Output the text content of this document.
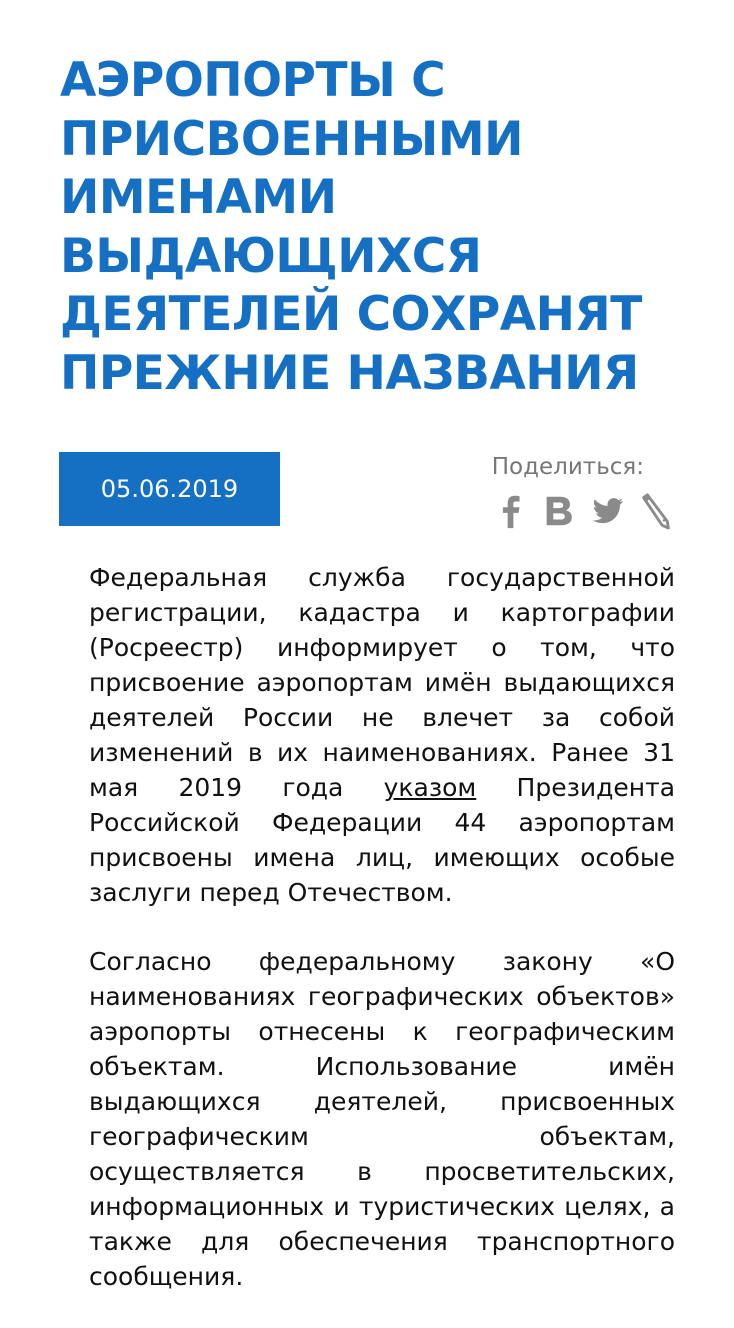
АЭРОПОРТЫ С ПРИСВОЕННЫМИ ИМЕНАМИ ВЫДАЮЩИХСЯ ДЕЯТЕЛЕЙ СОХРАНЯТ ПРЕЖНИЕ НАЗВАНИЯ
05.06.2019
Поделиться:

Федеральная служба государственной регистрации, кадастра и картографии (Росреестр) информирует о том, что присвоение аэропортам имён выдающихся деятелей России не влечет за собой изменений в их наименованиях. Ранее 31 мая 2019 года указом Президента Российской Федерации 44 аэропортам присвоены имена лиц, имеющих особые заслуги перед Отечеством.

Согласно федеральному закону «О наименованиях географических объектов» аэропорты отнесены к географическим объектам. Использование имён выдающихся деятелей, присвоенных географическим объектам, осуществляется в просветительских, информационных и туристических целях, а также для обеспечения транспортного сообщения.
